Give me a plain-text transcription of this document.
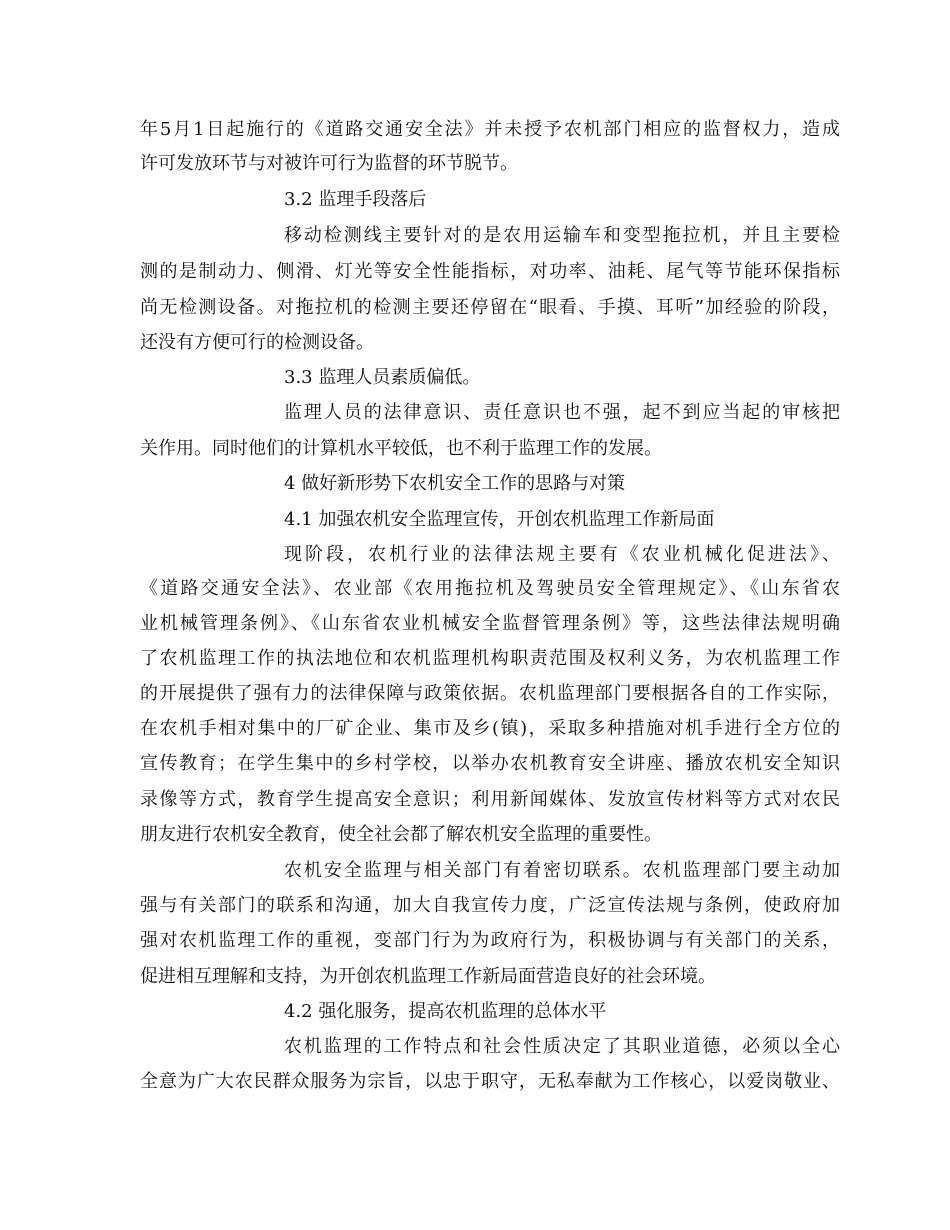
年5月1日起施行的《道路交通安全法》并未授予农机部门相应的监督权力，造成
许可发放环节与对被许可行为监督的环节脱节。
3.2 监理手段落后
移动检测线主要针对的是农用运输车和变型拖拉机，并且主要检
测的是制动力、侧滑、灯光等安全性能指标，对功率、油耗、尾气等节能环保指标
尚无检测设备。对拖拉机的检测主要还停留在“眼看、手摸、耳听”加经验的阶段，
还没有方便可行的检测设备。
3.3 监理人员素质偏低。
监理人员的法律意识、责任意识也不强，起不到应当起的审核把
关作用。同时他们的计算机水平较低，也不利于监理工作的发展。
4 做好新形势下农机安全工作的思路与对策
4.1 加强农机安全监理宣传，开创农机监理工作新局面
现阶段，农机行业的法律法规主要有《农业机械化促进法》、
《道路交通安全法》、农业部《农用拖拉机及驾驶员安全管理规定》、《山东省农
业机械管理条例》、《山东省农业机械安全监督管理条例》等，这些法律法规明确
了农机监理工作的执法地位和农机监理机构职责范围及权利义务，为农机监理工作
的开展提供了强有力的法律保障与政策依据。农机监理部门要根据各自的工作实际，
在农机手相对集中的厂矿企业、集市及乡(镇)，采取多种措施对机手进行全方位的
宣传教育；在学生集中的乡村学校，以举办农机教育安全讲座、播放农机安全知识
录像等方式，教育学生提高安全意识；利用新闻媒体、发放宣传材料等方式对农民
朋友进行农机安全教育，使全社会都了解农机安全监理的重要性。
农机安全监理与相关部门有着密切联系。农机监理部门要主动加
强与有关部门的联系和沟通，加大自我宣传力度，广泛宣传法规与条例，使政府加
强对农机监理工作的重视，变部门行为为政府行为，积极协调与有关部门的关系，
促进相互理解和支持，为开创农机监理工作新局面营造良好的社会环境。
4.2 强化服务，提高农机监理的总体水平
农机监理的工作特点和社会性质决定了其职业道德，必须以全心
全意为广大农民群众服务为宗旨，以忠于职守，无私奉献为工作核心，以爱岗敬业、
